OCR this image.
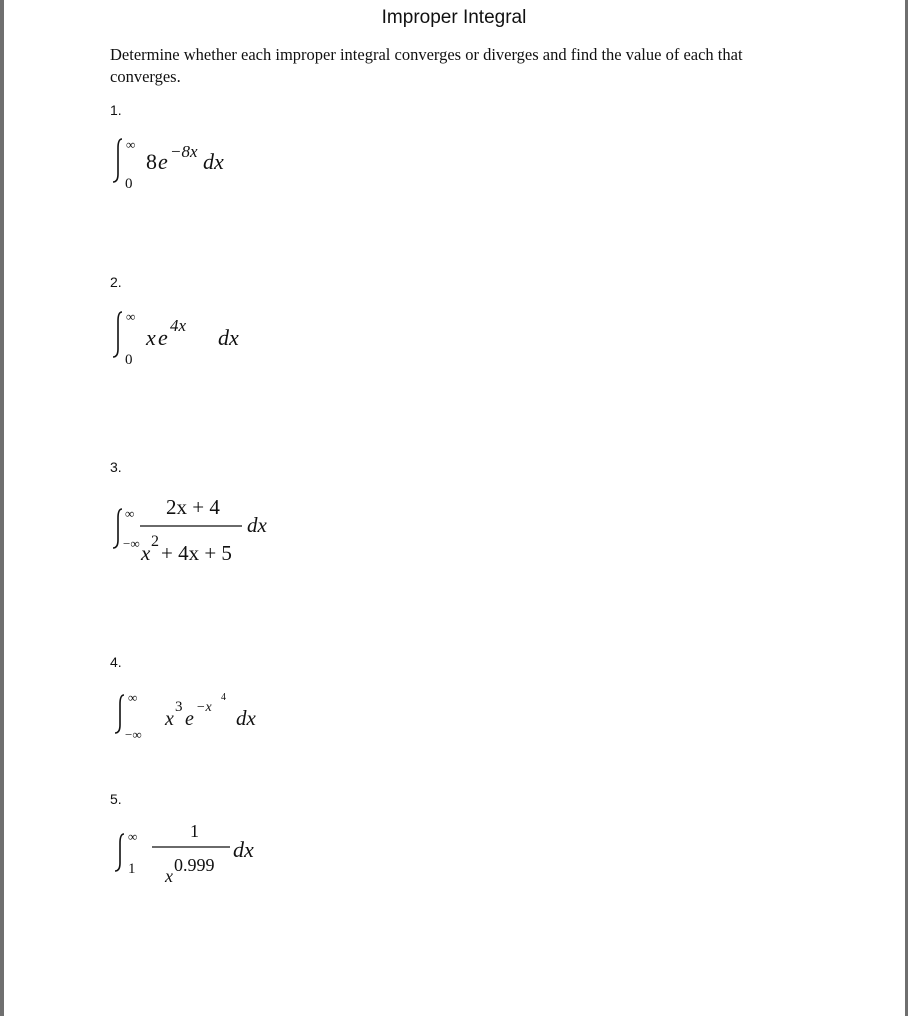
Improper Integral
Determine whether each improper integral converges or diverges and find the value of each that converges.
1.
∞
0
8 e −8x dx
2.
∞
0
x e 4x dx
3.
∞
−∞
2x + 4
x 2 + 4x + 5
dx
4.
∞
−∞
x
3
e
−x
4
dx
5.
∞
1
1
x
0.999
dx
